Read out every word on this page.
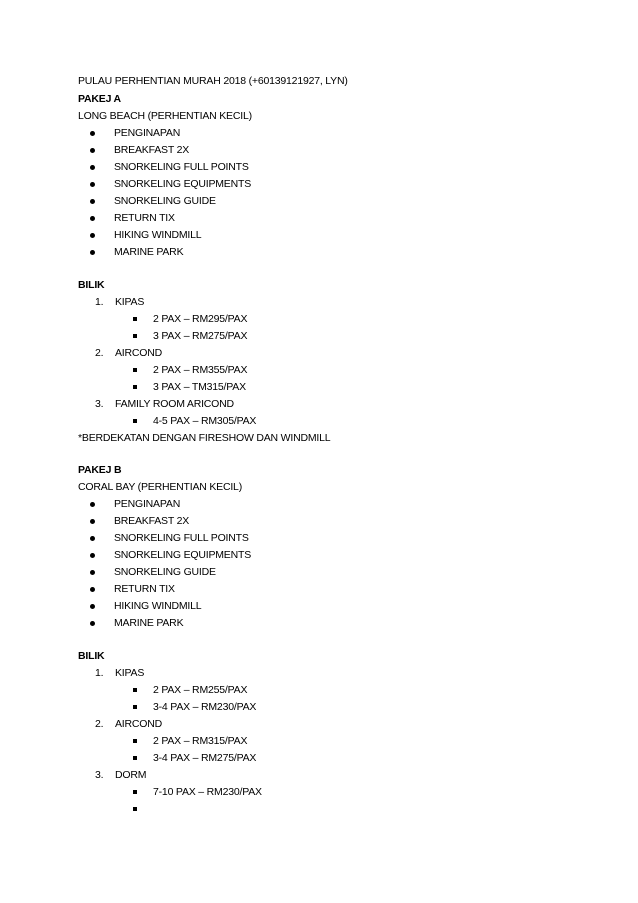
PULAU PERHENTIAN MURAH 2018 (+60139121927, LYN)
PAKEJ A
LONG BEACH (PERHENTIAN KECIL)
PENGINAPAN
BREAKFAST 2X
SNORKELING FULL POINTS
SNORKELING EQUIPMENTS
SNORKELING GUIDE
RETURN TIX
HIKING WINDMILL
MARINE PARK
BILIK
1. KIPAS
2 PAX – RM295/PAX
3 PAX – RM275/PAX
2. AIRCOND
2 PAX – RM355/PAX
3 PAX – TM315/PAX
3. FAMILY ROOM ARICOND
4-5 PAX – RM305/PAX
*BERDEKATAN DENGAN FIRESHOW DAN WINDMILL
PAKEJ B
CORAL BAY (PERHENTIAN KECIL)
PENGINAPAN
BREAKFAST 2X
SNORKELING FULL POINTS
SNORKELING EQUIPMENTS
SNORKELING GUIDE
RETURN TIX
HIKING WINDMILL
MARINE PARK
BILIK
1. KIPAS
2 PAX – RM255/PAX
3-4 PAX – RM230/PAX
2. AIRCOND
2 PAX – RM315/PAX
3-4 PAX – RM275/PAX
3. DORM
7-10 PAX – RM230/PAX
